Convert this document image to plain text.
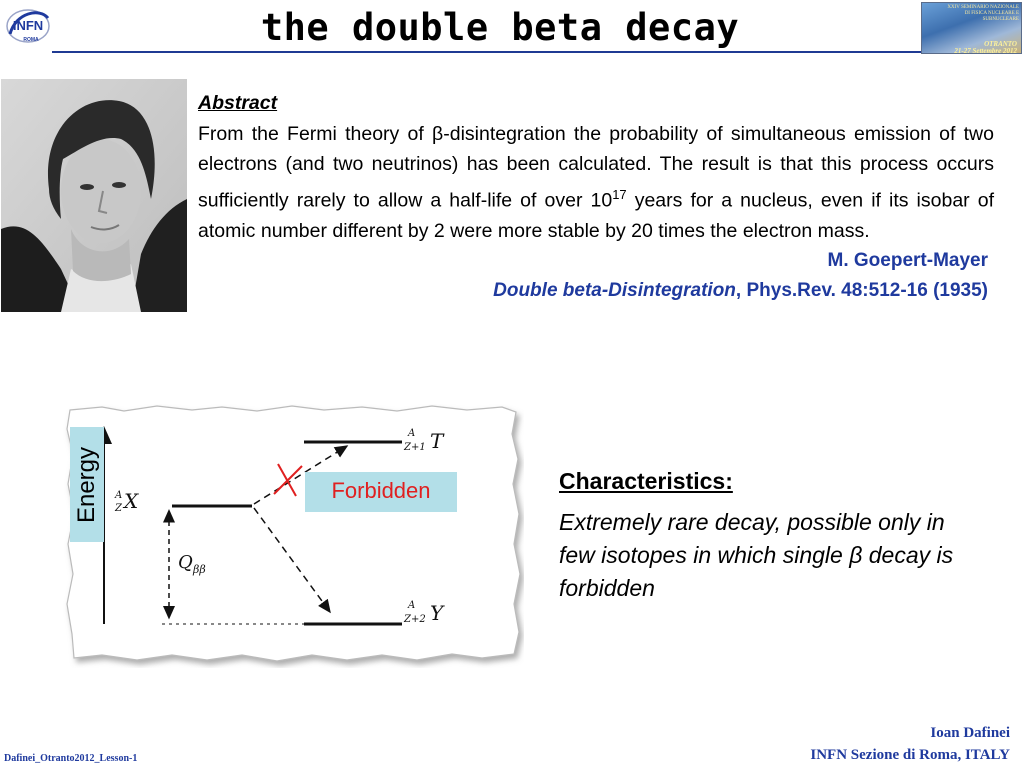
INFN
ROMA	the double beta decay	XXIV SEMINARIO NAZIONALE
DI FISICA NUCLEARE E
SUBNUCLEARE
OTRANTO
21-27 Settembre 2012
Abstract
From the Fermi theory of β-disintegration the probability of simultaneous emission of two electrons (and two neutrinos) has been calculated. The result is that this process occurs sufficiently rarely to allow a half-life of over $10^{17}$ years for a nucleus, even if its isobar of atomic number different by 2 were more stable by 20 times the electron mass.
M. Goepert-Mayer
Double beta-Disintegration, Phys.Rev. 48:512-16 (1935)
A
Z X
A
Z+1 T
A
Z+2 Y
Q ββ
Energy	Forbidden	Characteristics:
Extremely rare decay, possible only in few isotopes in which single β decay is forbidden
Dafinei_Otranto2012_Lesson-1
Ioan Dafinei
INFN Sezione di Roma, ITALY
